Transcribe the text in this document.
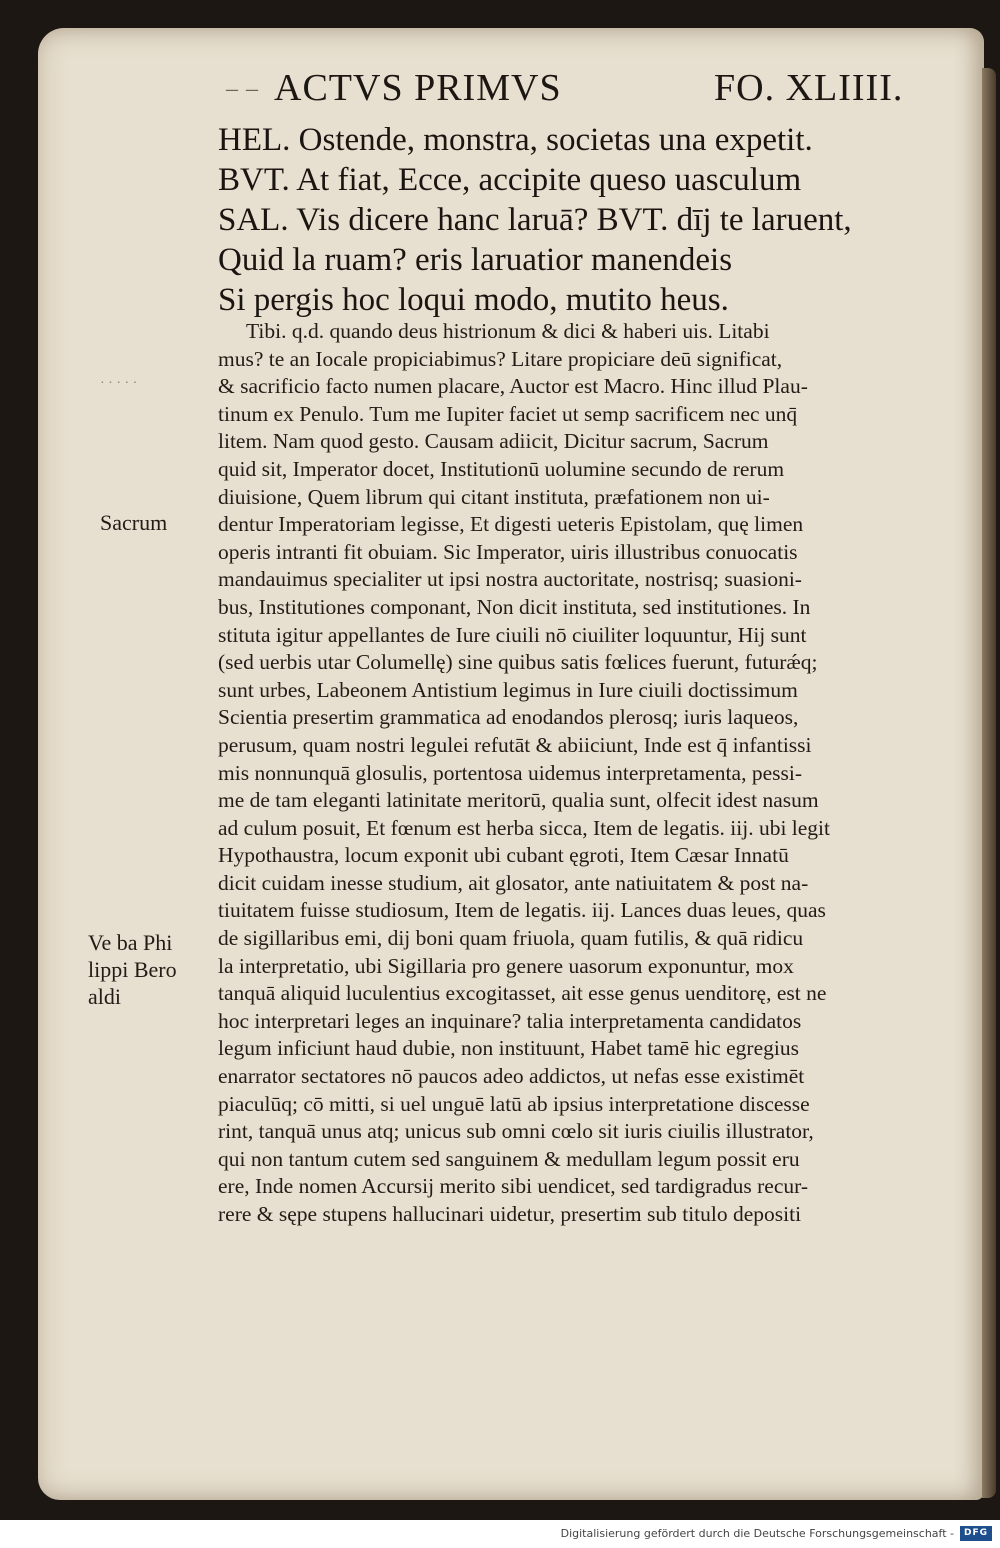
– – ACTVS PRIMVS	FO. XLIIII.
HEL. Ostende, monstra, societas una expetit.
BVT. At fiat, Ecce, accipite queso uasculum
SAL. Vis dicere hanc laruā? BVT. dīj te laruent,
Quid la ruam? eris laruatior manendeis
Si pergis hoc loqui modo, mutito heus.
Tibi. q.d. quando deus histrionum & dici & haberi uis. Litabi
mus? te an Iocale propiciabimus? Litare propiciare deū significat,
& sacrificio facto numen placare, Auctor est Macro. Hinc illud Plau-
tinum ex Penulo. Tum me Iupiter faciet ut semp sacrificem nec unq̄
litem. Nam quod gesto. Causam adiicit, Dicitur sacrum, Sacrum
quid sit, Imperator docet, Institutionū uolumine secundo de rerum
diuisione, Quem librum qui citant instituta, præfationem non ui-
dentur Imperatoriam legisse, Et digesti ueteris Epistolam, quę limen
operis intranti fit obuiam. Sic Imperator, uiris illustribus conuocatis
mandauimus specialiter ut ipsi nostra auctoritate, nostrisq; suasioni-
bus, Institutiones componant, Non dicit instituta, sed institutiones. In
stituta igitur appellantes de Iure ciuili nō ciuiliter loquuntur, Hij sunt
(sed uerbis utar Columellę) sine quibus satis fœlices fuerunt, futurǽq;
sunt urbes, Labeonem Antistium legimus in Iure ciuili doctissimum
Scientia presertim grammatica ad enodandos plerosq; iuris laqueos,
perusum, quam nostri legulei refutāt & abiiciunt, Inde est q̄ infantissi
mis nonnunquā glosulis, portentosa uidemus interpretamenta, pessi-
me de tam eleganti latinitate meritorū, qualia sunt, olfecit idest nasum
ad culum posuit, Et fœnum est herba sicca, Item de legatis. iij. ubi legit
Hypothaustra, locum exponit ubi cubant ęgroti, Item Cæsar Innatū
dicit cuidam inesse studium, ait glosator, ante natiuitatem & post na-
tiuitatem fuisse studiosum, Item de legatis. iij. Lances duas leues, quas
de sigillaribus emi, dij boni quam friuola, quam futilis, & quā ridicu
la interpretatio, ubi Sigillaria pro genere uasorum exponuntur, mox
tanquā aliquid luculentius excogitasset, ait esse genus uenditorę, est ne
hoc interpretari leges an inquinare? talia interpretamenta candidatos
legum inficiunt haud dubie, non instituunt, Habet tamē hic egregius
enarrator sectatores nō paucos adeo addictos, ut nefas esse existimēt
piaculūq; cō mitti, si uel unguē latū ab ipsius interpretatione discesse
rint, tanquā unus atq; unicus sub omni cœlo sit iuris ciuilis illustrator,
qui non tantum cutem sed sanguinem & medullam legum possit eru
ere, Inde nomen Accursij merito sibi uendicet, sed tardigradus recur-
rere & sępe stupens hallucinari uidetur, presertim sub titulo depositi
· · · · ·
Sacrum
Ve ba Phi
lippi Bero
aldi
Digitalisierung gefördert durch die Deutsche Forschungsgemeinschaft -	DFG
